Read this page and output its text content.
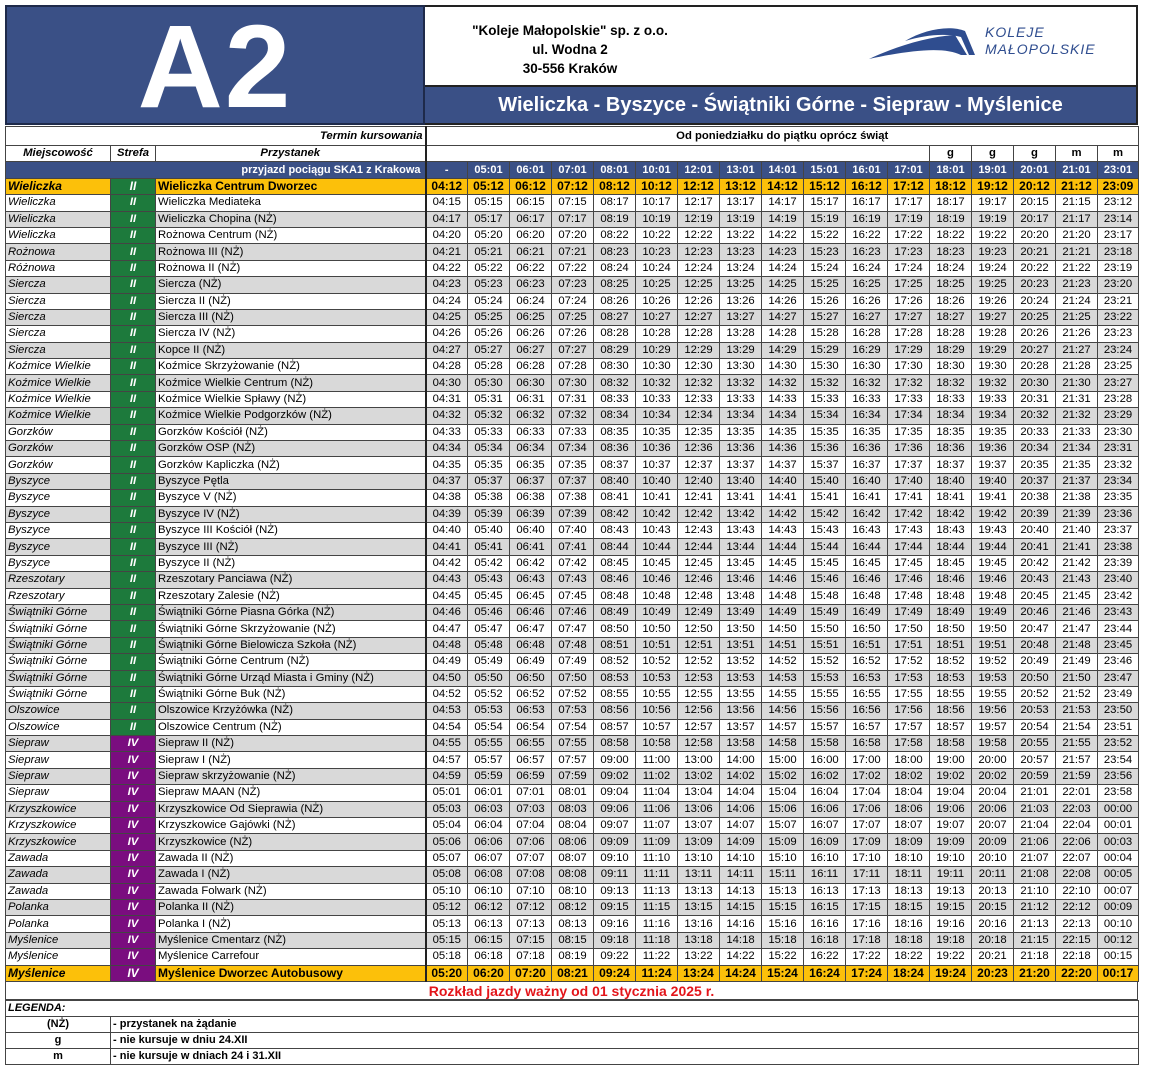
A2	"Koleje Małopolskie" sp. z o.o.
ul. Wodna 2
30-556 Kraków
KOLEJE
MAŁOPOLSKIE
Wieliczka - Byszyce - Świątniki Górne - Siepraw - Myślenice
Termin kursowania			Od poniedziałku do piątku oprócz świąt																
Miejscowość	Strefa	Przystanek													g	g	g	m	m
przyjazd pociągu SKA1 z Krakowa			-	05:01	06:01	07:01	08:01	10:01	12:01	13:01	14:01	15:01	16:01	17:01	18:01	19:01	20:01	21:01	23:01
Wieliczka	II	Wieliczka Centrum Dworzec	04:12	05:12	06:12	07:12	08:12	10:12	12:12	13:12	14:12	15:12	16:12	17:12	18:12	19:12	20:12	21:12	23:09
Wieliczka	II	Wieliczka Mediateka	04:15	05:15	06:15	07:15	08:17	10:17	12:17	13:17	14:17	15:17	16:17	17:17	18:17	19:17	20:15	21:15	23:12
Wieliczka	II	Wieliczka Chopina (NŻ)	04:17	05:17	06:17	07:17	08:19	10:19	12:19	13:19	14:19	15:19	16:19	17:19	18:19	19:19	20:17	21:17	23:14
Wieliczka	II	Rożnowa Centrum (NŻ)	04:20	05:20	06:20	07:20	08:22	10:22	12:22	13:22	14:22	15:22	16:22	17:22	18:22	19:22	20:20	21:20	23:17
Rożnowa	II	Rożnowa III (NŻ)	04:21	05:21	06:21	07:21	08:23	10:23	12:23	13:23	14:23	15:23	16:23	17:23	18:23	19:23	20:21	21:21	23:18
Różnowa	II	Rożnowa II (NŻ)	04:22	05:22	06:22	07:22	08:24	10:24	12:24	13:24	14:24	15:24	16:24	17:24	18:24	19:24	20:22	21:22	23:19
Siercza	II	Siercza (NŻ)	04:23	05:23	06:23	07:23	08:25	10:25	12:25	13:25	14:25	15:25	16:25	17:25	18:25	19:25	20:23	21:23	23:20
Siercza	II	Siercza II (NŻ)	04:24	05:24	06:24	07:24	08:26	10:26	12:26	13:26	14:26	15:26	16:26	17:26	18:26	19:26	20:24	21:24	23:21
Siercza	II	Siercza III (NŻ)	04:25	05:25	06:25	07:25	08:27	10:27	12:27	13:27	14:27	15:27	16:27	17:27	18:27	19:27	20:25	21:25	23:22
Siercza	II	Siercza IV (NŻ)	04:26	05:26	06:26	07:26	08:28	10:28	12:28	13:28	14:28	15:28	16:28	17:28	18:28	19:28	20:26	21:26	23:23
Siercza	II	Kopce II (NŻ)	04:27	05:27	06:27	07:27	08:29	10:29	12:29	13:29	14:29	15:29	16:29	17:29	18:29	19:29	20:27	21:27	23:24
Koźmice Wielkie	II	Koźmice Skrzyżowanie (NŻ)	04:28	05:28	06:28	07:28	08:30	10:30	12:30	13:30	14:30	15:30	16:30	17:30	18:30	19:30	20:28	21:28	23:25
Koźmice Wielkie	II	Koźmice Wielkie Centrum (NŻ)	04:30	05:30	06:30	07:30	08:32	10:32	12:32	13:32	14:32	15:32	16:32	17:32	18:32	19:32	20:30	21:30	23:27
Koźmice Wielkie	II	Koźmice Wielkie Spławy (NŻ)	04:31	05:31	06:31	07:31	08:33	10:33	12:33	13:33	14:33	15:33	16:33	17:33	18:33	19:33	20:31	21:31	23:28
Koźmice Wielkie	II	Koźmice Wielkie Podgorzków (NŻ)	04:32	05:32	06:32	07:32	08:34	10:34	12:34	13:34	14:34	15:34	16:34	17:34	18:34	19:34	20:32	21:32	23:29
Gorzków	II	Gorzków Kościół (NŻ)	04:33	05:33	06:33	07:33	08:35	10:35	12:35	13:35	14:35	15:35	16:35	17:35	18:35	19:35	20:33	21:33	23:30
Gorzków	II	Gorzków OSP (NŻ)	04:34	05:34	06:34	07:34	08:36	10:36	12:36	13:36	14:36	15:36	16:36	17:36	18:36	19:36	20:34	21:34	23:31
Gorzków	II	Gorzków Kapliczka (NŻ)	04:35	05:35	06:35	07:35	08:37	10:37	12:37	13:37	14:37	15:37	16:37	17:37	18:37	19:37	20:35	21:35	23:32
Byszyce	II	Byszyce Pętla	04:37	05:37	06:37	07:37	08:40	10:40	12:40	13:40	14:40	15:40	16:40	17:40	18:40	19:40	20:37	21:37	23:34
Byszyce	II	Byszyce V (NŻ)	04:38	05:38	06:38	07:38	08:41	10:41	12:41	13:41	14:41	15:41	16:41	17:41	18:41	19:41	20:38	21:38	23:35
Byszyce	II	Byszyce IV (NŻ)	04:39	05:39	06:39	07:39	08:42	10:42	12:42	13:42	14:42	15:42	16:42	17:42	18:42	19:42	20:39	21:39	23:36
Byszyce	II	Byszyce III Kościół (NŻ)	04:40	05:40	06:40	07:40	08:43	10:43	12:43	13:43	14:43	15:43	16:43	17:43	18:43	19:43	20:40	21:40	23:37
Byszyce	II	Byszyce III (NŻ)	04:41	05:41	06:41	07:41	08:44	10:44	12:44	13:44	14:44	15:44	16:44	17:44	18:44	19:44	20:41	21:41	23:38
Byszyce	II	Byszyce II (NŻ)	04:42	05:42	06:42	07:42	08:45	10:45	12:45	13:45	14:45	15:45	16:45	17:45	18:45	19:45	20:42	21:42	23:39
Rzeszotary	II	Rzeszotary Panciawa (NŻ)	04:43	05:43	06:43	07:43	08:46	10:46	12:46	13:46	14:46	15:46	16:46	17:46	18:46	19:46	20:43	21:43	23:40
Rzeszotary	II	Rzeszotary Zalesie (NŻ)	04:45	05:45	06:45	07:45	08:48	10:48	12:48	13:48	14:48	15:48	16:48	17:48	18:48	19:48	20:45	21:45	23:42
Świątniki Górne	II	Świątniki Górne Piasna Górka (NŻ)	04:46	05:46	06:46	07:46	08:49	10:49	12:49	13:49	14:49	15:49	16:49	17:49	18:49	19:49	20:46	21:46	23:43
Świątniki Górne	II	Świątniki Górne Skrzyżowanie (NŻ)	04:47	05:47	06:47	07:47	08:50	10:50	12:50	13:50	14:50	15:50	16:50	17:50	18:50	19:50	20:47	21:47	23:44
Świątniki Górne	II	Świątniki Górne Bielowicza Szkoła (NŻ)	04:48	05:48	06:48	07:48	08:51	10:51	12:51	13:51	14:51	15:51	16:51	17:51	18:51	19:51	20:48	21:48	23:45
Świątniki Górne	II	Świątniki Górne Centrum (NŻ)	04:49	05:49	06:49	07:49	08:52	10:52	12:52	13:52	14:52	15:52	16:52	17:52	18:52	19:52	20:49	21:49	23:46
Świątniki Górne	II	Świątniki Górne Urząd Miasta i Gminy (NŻ)	04:50	05:50	06:50	07:50	08:53	10:53	12:53	13:53	14:53	15:53	16:53	17:53	18:53	19:53	20:50	21:50	23:47
Świątniki Górne	II	Świątniki Górne Buk (NŻ)	04:52	05:52	06:52	07:52	08:55	10:55	12:55	13:55	14:55	15:55	16:55	17:55	18:55	19:55	20:52	21:52	23:49
Olszowice	II	Olszowice Krzyżówka (NŻ)	04:53	05:53	06:53	07:53	08:56	10:56	12:56	13:56	14:56	15:56	16:56	17:56	18:56	19:56	20:53	21:53	23:50
Olszowice	II	Olszowice Centrum (NŻ)	04:54	05:54	06:54	07:54	08:57	10:57	12:57	13:57	14:57	15:57	16:57	17:57	18:57	19:57	20:54	21:54	23:51
Siepraw	IV	Siepraw II (NŻ)	04:55	05:55	06:55	07:55	08:58	10:58	12:58	13:58	14:58	15:58	16:58	17:58	18:58	19:58	20:55	21:55	23:52
Siepraw	IV	Siepraw I (NŻ)	04:57	05:57	06:57	07:57	09:00	11:00	13:00	14:00	15:00	16:00	17:00	18:00	19:00	20:00	20:57	21:57	23:54
Siepraw	IV	Siepraw skrzyżowanie (NŻ)	04:59	05:59	06:59	07:59	09:02	11:02	13:02	14:02	15:02	16:02	17:02	18:02	19:02	20:02	20:59	21:59	23:56
Siepraw	IV	Siepraw MAAN (NŻ)	05:01	06:01	07:01	08:01	09:04	11:04	13:04	14:04	15:04	16:04	17:04	18:04	19:04	20:04	21:01	22:01	23:58
Krzyszkowice	IV	Krzyszkowice Od Sieprawia (NŻ)	05:03	06:03	07:03	08:03	09:06	11:06	13:06	14:06	15:06	16:06	17:06	18:06	19:06	20:06	21:03	22:03	00:00
Krzyszkowice	IV	Krzyszkowice Gajówki (NŻ)	05:04	06:04	07:04	08:04	09:07	11:07	13:07	14:07	15:07	16:07	17:07	18:07	19:07	20:07	21:04	22:04	00:01
Krzyszkowice	IV	Krzyszkowice (NŻ)	05:06	06:06	07:06	08:06	09:09	11:09	13:09	14:09	15:09	16:09	17:09	18:09	19:09	20:09	21:06	22:06	00:03
Zawada	IV	Zawada II (NŻ)	05:07	06:07	07:07	08:07	09:10	11:10	13:10	14:10	15:10	16:10	17:10	18:10	19:10	20:10	21:07	22:07	00:04
Zawada	IV	Zawada I (NŻ)	05:08	06:08	07:08	08:08	09:11	11:11	13:11	14:11	15:11	16:11	17:11	18:11	19:11	20:11	21:08	22:08	00:05
Zawada	IV	Zawada Folwark (NŻ)	05:10	06:10	07:10	08:10	09:13	11:13	13:13	14:13	15:13	16:13	17:13	18:13	19:13	20:13	21:10	22:10	00:07
Polanka	IV	Polanka II (NŻ)	05:12	06:12	07:12	08:12	09:15	11:15	13:15	14:15	15:15	16:15	17:15	18:15	19:15	20:15	21:12	22:12	00:09
Polanka	IV	Polanka I (NŻ)	05:13	06:13	07:13	08:13	09:16	11:16	13:16	14:16	15:16	16:16	17:16	18:16	19:16	20:16	21:13	22:13	00:10
Myślenice	IV	Myślenice Cmentarz (NŻ)	05:15	06:15	07:15	08:15	09:18	11:18	13:18	14:18	15:18	16:18	17:18	18:18	19:18	20:18	21:15	22:15	00:12
Myślenice	IV	Myślenice Carrefour	05:18	06:18	07:18	08:19	09:22	11:22	13:22	14:22	15:22	16:22	17:22	18:22	19:22	20:21	21:18	22:18	00:15
Myślenice	IV	Myślenice Dworzec Autobusowy	05:20	06:20	07:20	08:21	09:24	11:24	13:24	14:24	15:24	16:24	17:24	18:24	19:24	20:23	21:20	22:20	00:17
Rozkład jazdy ważny od 01 stycznia 2025 r.
LEGENDA:	
(NŻ)	- przystanek na żądanie
g	- nie kursuje w dniu 24.XII
m	- nie kursuje w dniach 24 i 31.XII
